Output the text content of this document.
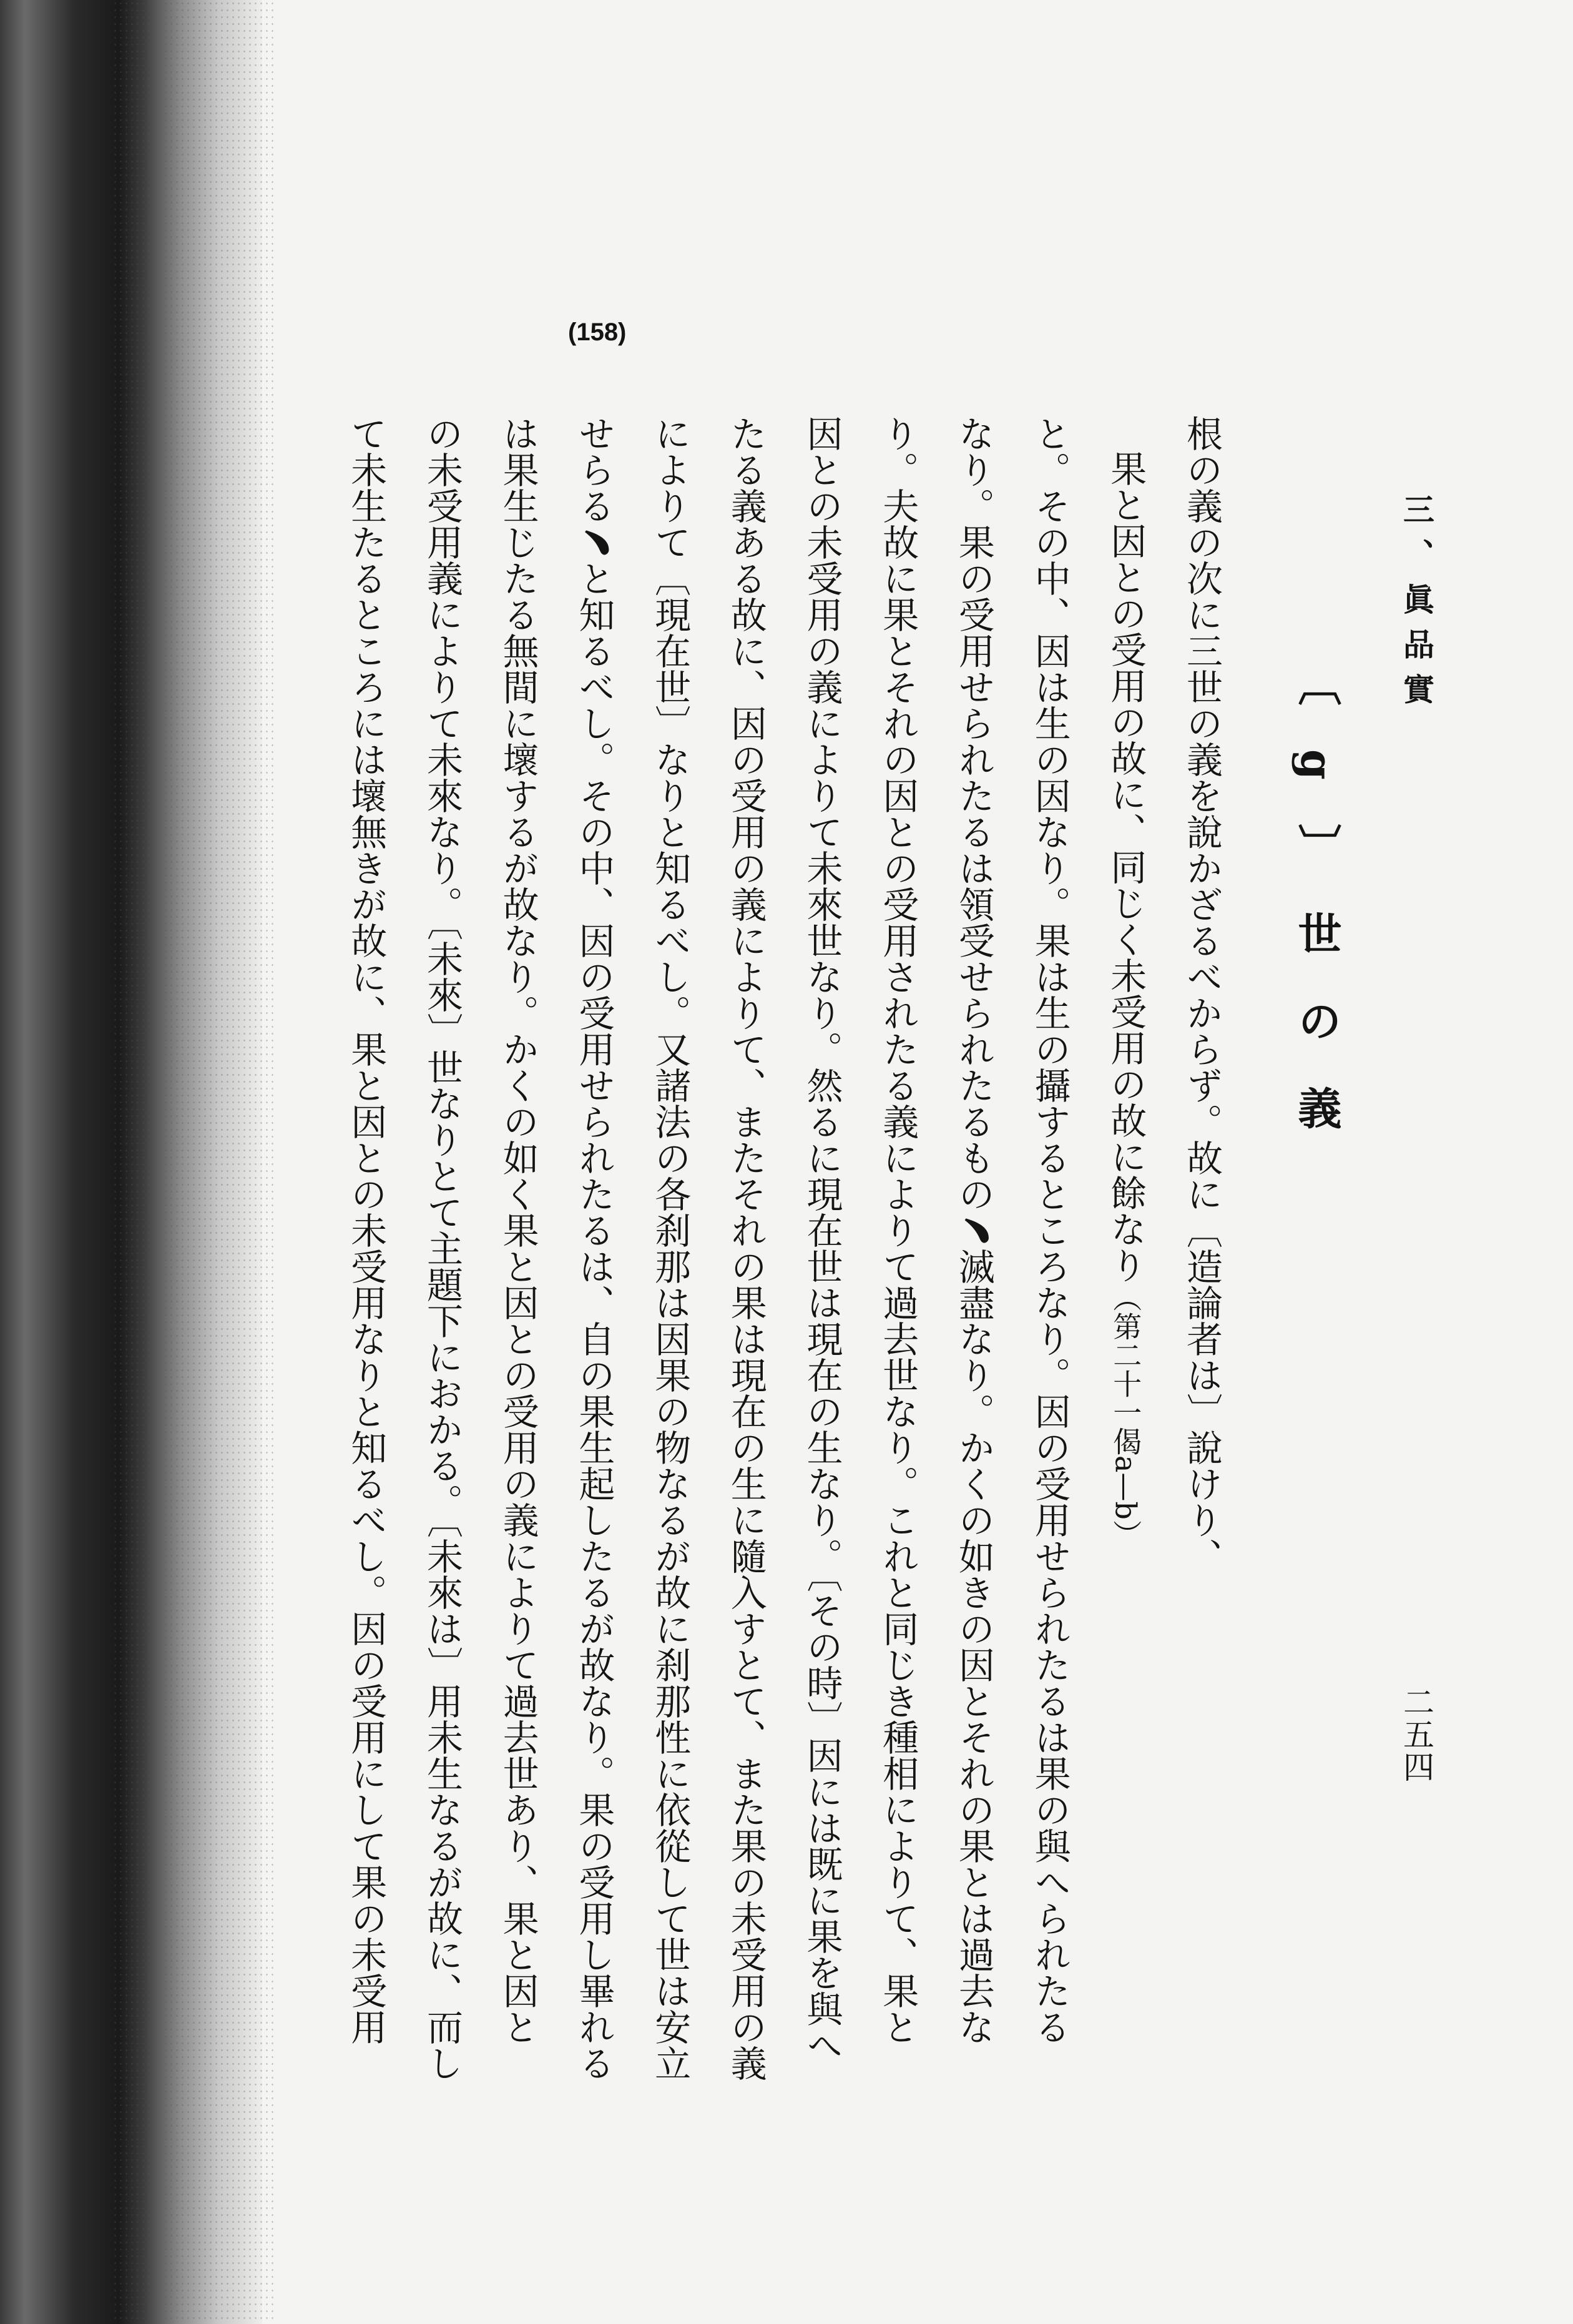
三、眞品實
二五四
〔g〕世の義
(158)
根の義の次に三世の義を說かざるべからず。故に〔造論者は〕說けり、
果と因との受用の故に、同じく未受用の故に餘なり（第二十一偈a—b）
と。その中、因は生の因なり。果は生の攝するところなり。因の受用せられたるは果の與へられたる
なり。果の受用せられたるは領受せられたるもの﹅滅盡なり。かくの如きの因とそれの果とは過去な
り。夫故に果とそれの因との受用されたる義によりて過去世なり。これと同じき種相によりて、果と
因との未受用の義によりて未來世なり。然るに現在世は現在の生なり。〔その時〕因には既に果を與へ
たる義ある故に、因の受用の義によりて、またそれの果は現在の生に隨入すとて、また果の未受用の義
によりて〔現在世〕なりと知るべし。又諸法の各刹那は因果の物なるが故に刹那性に依從して世は安立
せらる﹅と知るべし。その中、因の受用せられたるは、自の果生起したるが故なり。果の受用し畢れる
は果生じたる無間に壞するが故なり。かくの如く果と因との受用の義によりて過去世あり、果と因と
の未受用義によりて未來なり。〔未來〕世なりとて主題下におかる。〔未來は〕用未生なるが故に、而し
て未生たるところには壞無きが故に、果と因との未受用なりと知るべし。因の受用にして果の未受用
